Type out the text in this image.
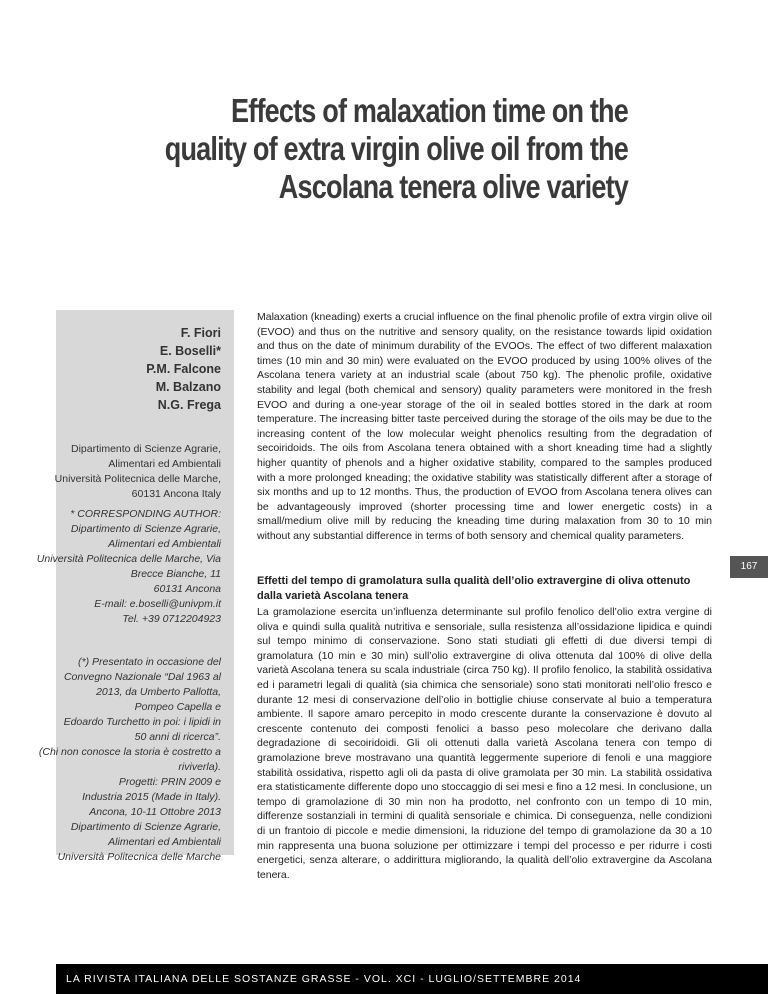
Effects of malaxation time on the
quality of extra virgin olive oil from the
Ascolana tenera olive variety
F. Fiori
E. Boselli*
P.M. Falcone
M. Balzano
N.G. Frega
Dipartimento di Scienze Agrarie,
Alimentari ed Ambientali
Università Politecnica delle Marche,
60131 Ancona Italy
* CORRESPONDING AUTHOR:
Dipartimento di Scienze Agrarie,
Alimentari ed Ambientali
Università Politecnica delle Marche, Via
Brecce Bianche, 11
60131 Ancona
E-mail: e.boselli@univpm.it
Tel. +39 0712204923
(*) Presentato in occasione del
Convegno Nazionale “Dal 1963 al
2013, da Umberto Pallotta,
Pompeo Capella e
Edoardo Turchetto in poi: i lipidi in
50 anni di ricerca”.
(Chi non conosce la storia è costretto a
riviverla).
Progetti: PRIN 2009 e
Industria 2015 (Made in Italy).
Ancona, 10-11 Ottobre 2013
Dipartimento di Scienze Agrarie,
Alimentari ed Ambientali
Università Politecnica delle Marche

Malaxation (kneading) exerts a crucial influence on the final phenolic profile of extra virgin olive oil (EVOO) and thus on the nutritive and sensory quality, on the resistance towards lipid oxidation and thus on the date of minimum durability of the EVOOs. The effect of two different malaxation times (10 min and 30 min) were evaluated on the EVOO produced by using 100% olives of the Ascolana tenera variety at an industrial scale (about 750 kg). The phenolic profile, oxidative stability and legal (both chemical and sensory) quality parameters were monitored in the fresh EVOO and during a one-year storage of the oil in sealed bottles stored in the dark at room temperature. The increasing bitter taste perceived during the storage of the oils may be due to the increasing content of the low molecular weight phenolics resulting from the degradation of secoiridoids. The oils from Ascolana tenera obtained with a short kneading time had a slightly higher quantity of phenols and a higher oxidative stability, compared to the samples produced with a more prolonged kneading; the oxidative stability was statistically different after a storage of six months and up to 12 months. Thus, the production of EVOO from Ascolana tenera olives can be advantageously improved (shorter processing time and lower energetic costs) in a small/medium olive mill by reducing the kneading time during malaxation from 30 to 10 min without any substantial difference in terms of both sensory and chemical quality parameters.

167
Effetti del tempo di gramolatura sulla qualità dell’olio extravergine di oliva ottenuto dalla varietà Ascolana tenera

La gramolazione esercita un’influenza determinante sul profilo fenolico dell’olio extra vergine di oliva e quindi sulla qualità nutritiva e sensoriale, sulla resistenza all’ossidazione lipidica e quindi sul tempo minimo di conservazione. Sono stati studiati gli effetti di due diversi tempi di gramolatura (10 min e 30 min) sull’olio extravergine di oliva ottenuta dal 100% di olive della varietà Ascolana tenera su scala industriale (circa 750 kg). Il profilo fenolico, la stabilità ossidativa ed i parametri legali di qualità (sia chimica che sensoriale) sono stati monitorati nell’olio fresco e durante 12 mesi di conservazione dell’olio in bottiglie chiuse conservate al buio a temperatura ambiente. Il sapore amaro percepito in modo crescente durante la conservazione è dovuto al crescente contenuto dei composti fenolici a basso peso molecolare che derivano dalla degradazione di secoiridoidi. Gli oli ottenuti dalla varietà Ascolana tenera con tempo di gramolazione breve mostravano una quantità leggermente superiore di fenoli e una maggiore stabilità ossidativa, rispetto agli oli da pasta di olive gramolata per 30 min. La stabilità ossidativa era statisticamente differente dopo uno stoccaggio di sei mesi e fino a 12 mesi. In conclusione, un tempo di gramolazione di 30 min non ha prodotto, nel confronto con un tempo di 10 min, differenze sostanziali in termini di qualità sensoriale e chimica. Di conseguenza, nelle condizioni di un frantoio di piccole e medie dimensioni, la riduzione del tempo di gramolazione da 30 a 10 min rappresenta una buona soluzione per ottimizzare i tempi del processo e per ridurre i costi energetici, senza alterare, o addirittura migliorando, la qualità dell’olio extravergine da Ascolana tenera.

LA RIVISTA ITALIANA DELLE SOSTANZE GRASSE - VOL. XCI - LUGLIO/SETTEMBRE 2014
